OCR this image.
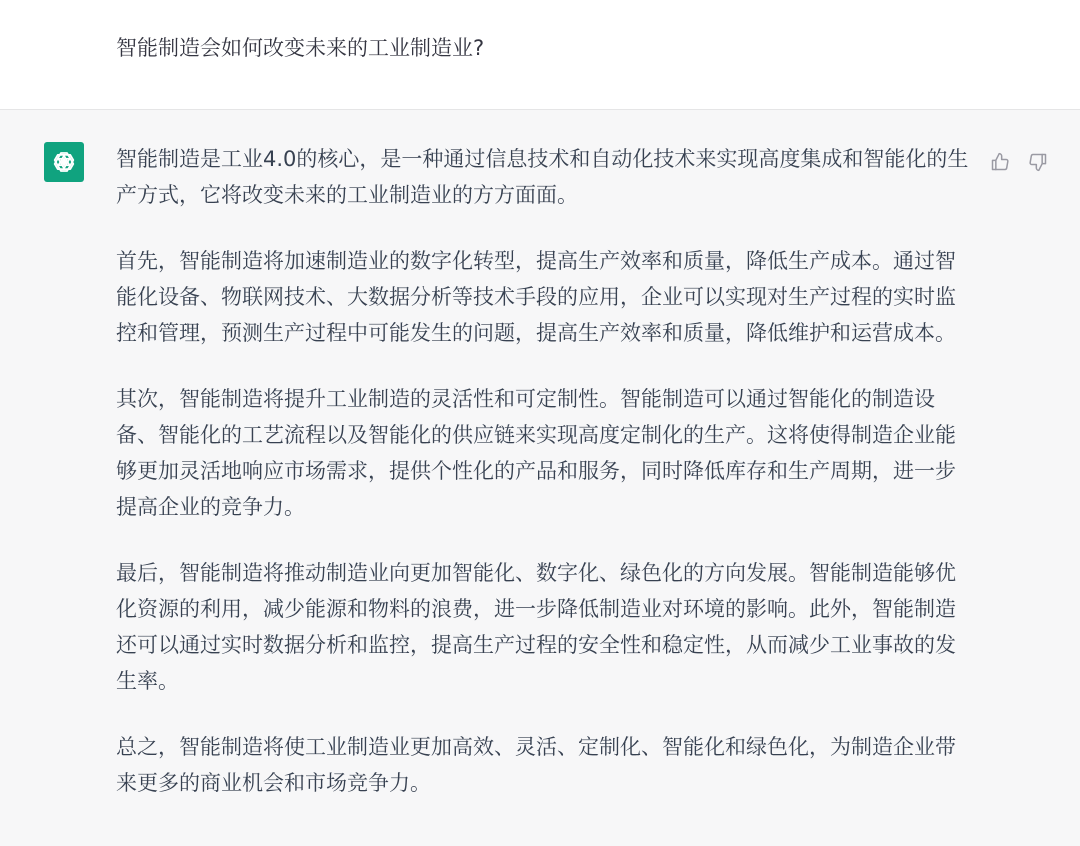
智能制造会如何改变未来的工业制造业?

智能制造是工业4.0的核心，是一种通过信息技术和自动化技术来实现高度集成和智能化的生产方式，它将改变未来的工业制造业的方方面面。

首先，智能制造将加速制造业的数字化转型，提高生产效率和质量，降低生产成本。通过智能化设备、物联网技术、大数据分析等技术手段的应用，企业可以实现对生产过程的实时监控和管理，预测生产过程中可能发生的问题，提高生产效率和质量，降低维护和运营成本。

其次，智能制造将提升工业制造的灵活性和可定制性。智能制造可以通过智能化的制造设备、智能化的工艺流程以及智能化的供应链来实现高度定制化的生产。这将使得制造企业能够更加灵活地响应市场需求，提供个性化的产品和服务，同时降低库存和生产周期，进一步提高企业的竞争力。

最后，智能制造将推动制造业向更加智能化、数字化、绿色化的方向发展。智能制造能够优化资源的利用，减少能源和物料的浪费，进一步降低制造业对环境的影响。此外，智能制造还可以通过实时数据分析和监控，提高生产过程的安全性和稳定性，从而减少工业事故的发生率。

总之，智能制造将使工业制造业更加高效、灵活、定制化、智能化和绿色化，为制造企业带来更多的商业机会和市场竞争力。
